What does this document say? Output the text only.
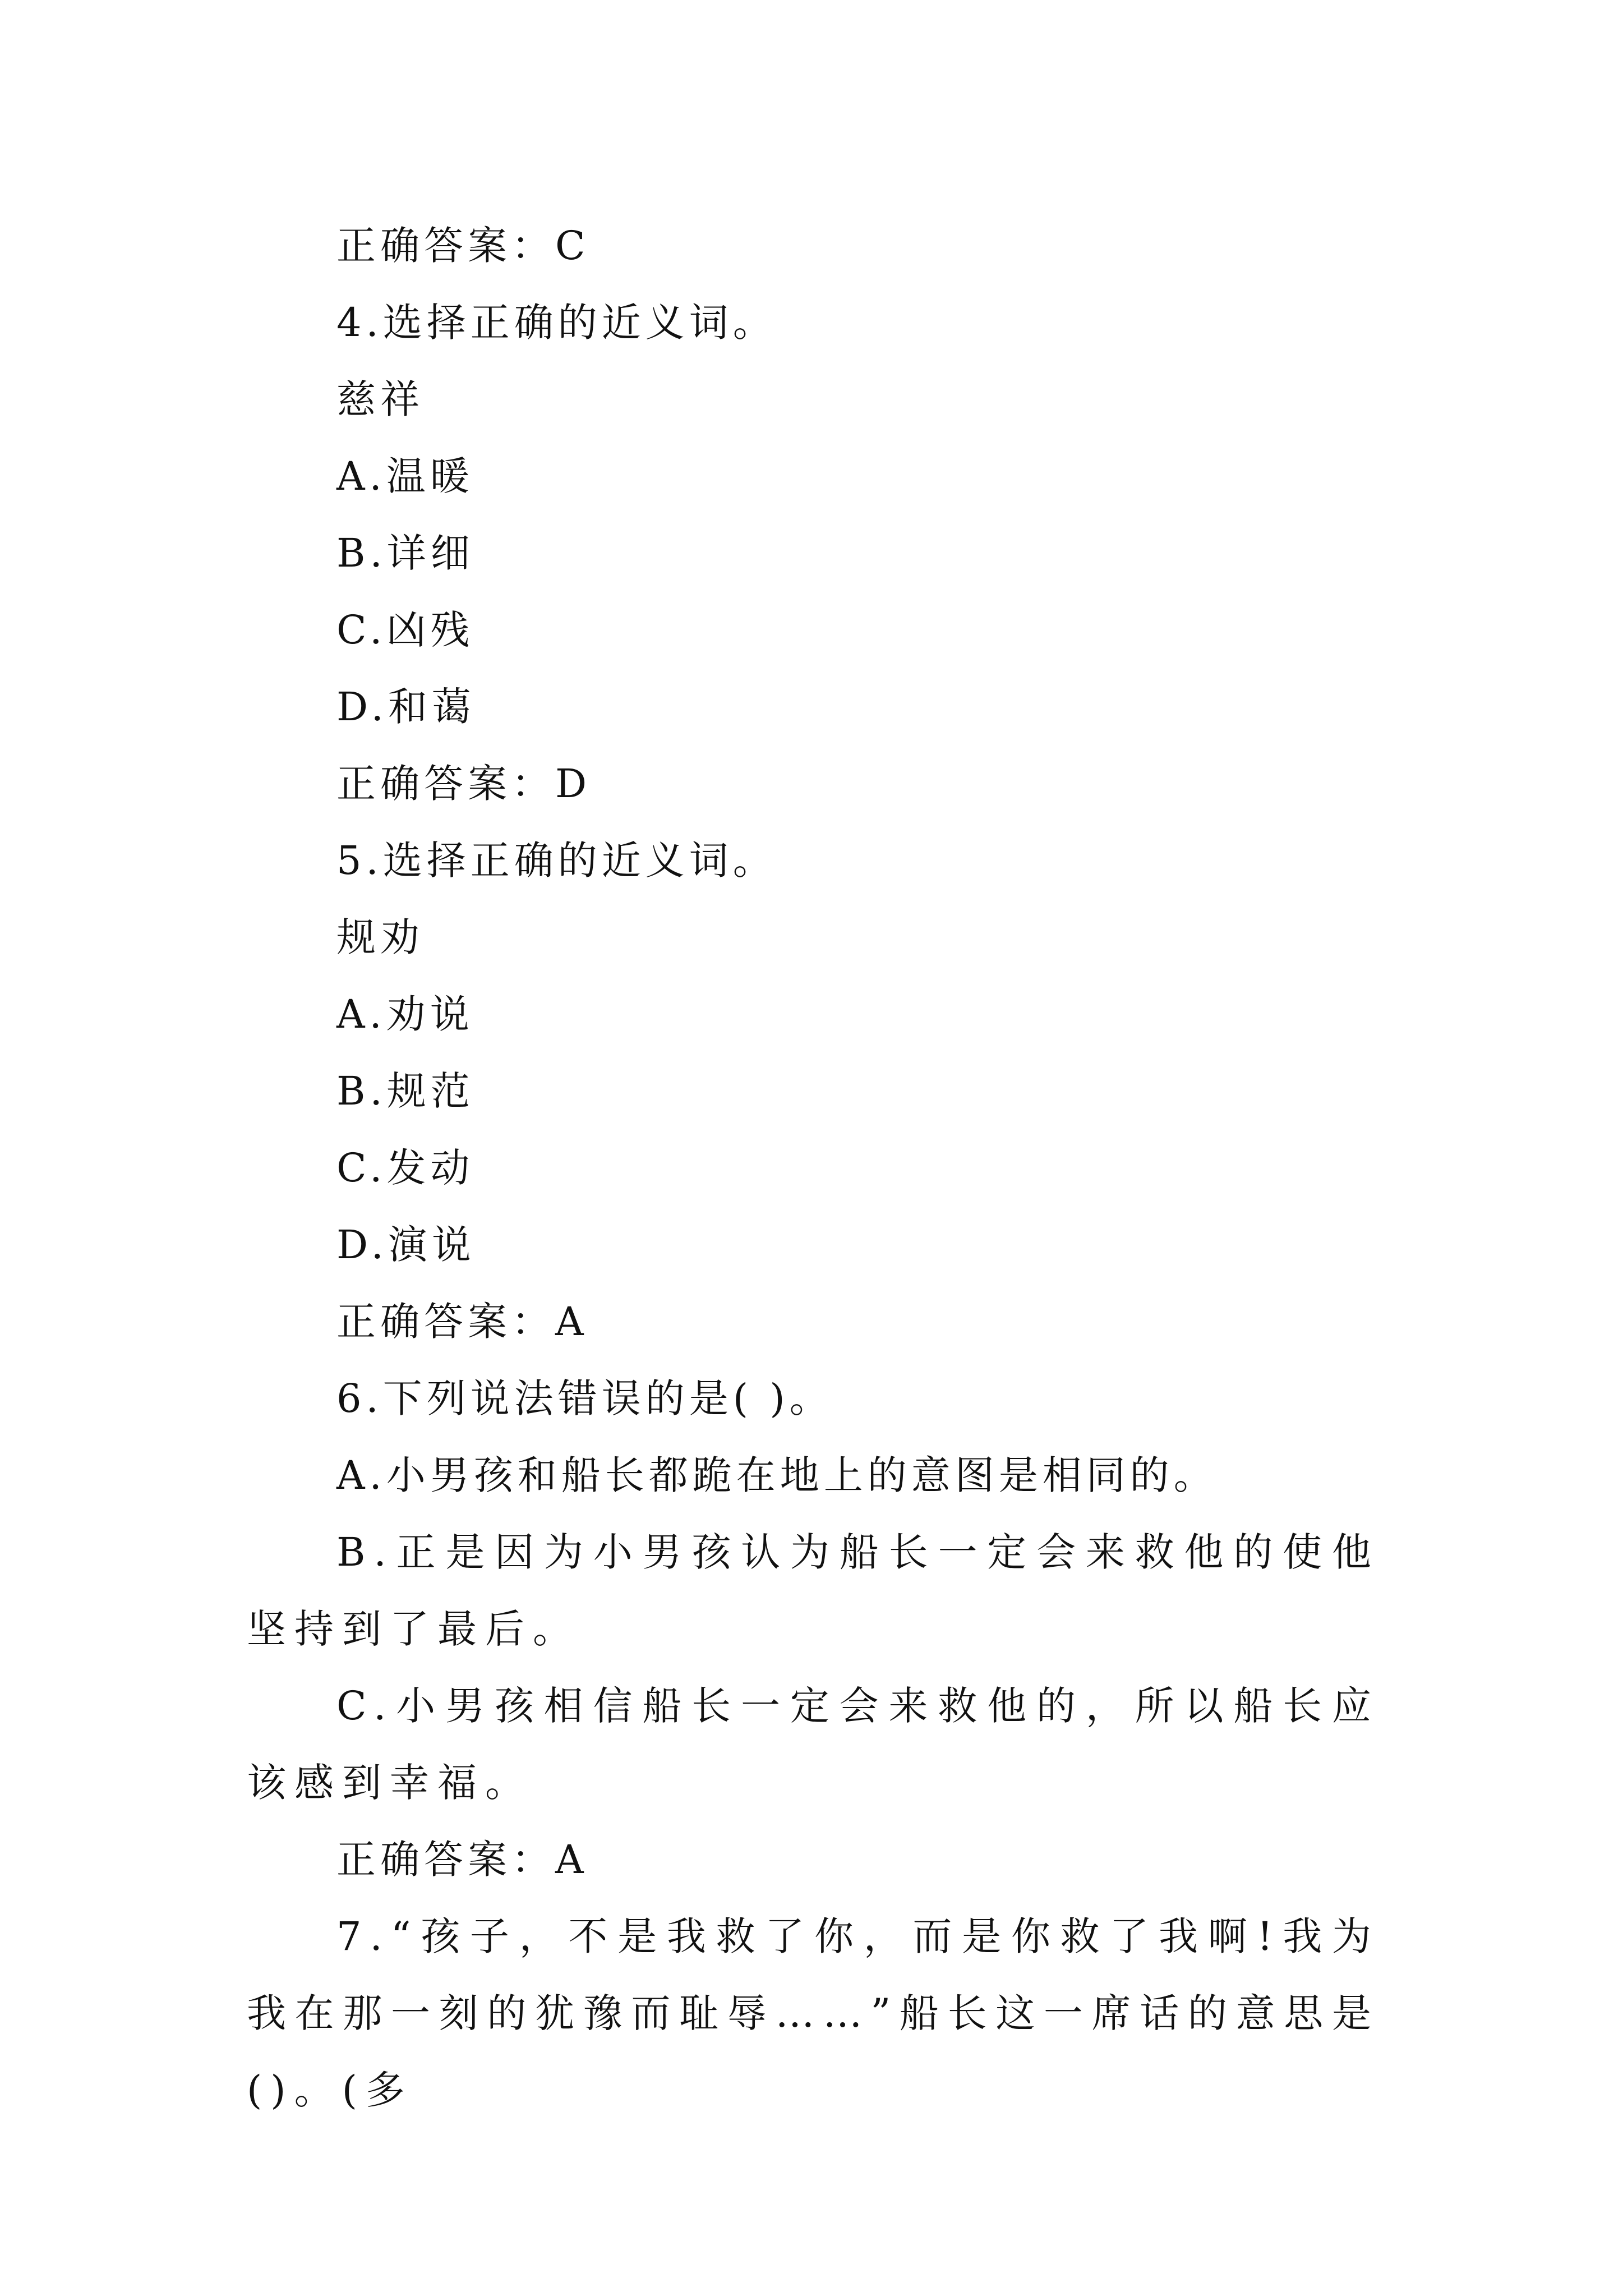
正确答案：C
4.选择正确的近义词。
慈祥
A.温暖
B.详细
C.凶残
D.和蔼
正确答案：D
5.选择正确的近义词。
规劝
A.劝说
B.规范
C.发动
D.演说
正确答案：A
6.下列说法错误的是( )。
A.小男孩和船长都跪在地上的意图是相同的。
B.正是因为小男孩认为船长一定会来救他的使他坚持到了最后。
C.小男孩相信船长一定会来救他的，所以船长应该感到幸福。
正确答案：A
7.“孩子，不是我救了你，而是你救了我啊!我为我在那一刻的犹豫而耻辱……”船长这一席话的意思是()。(多
